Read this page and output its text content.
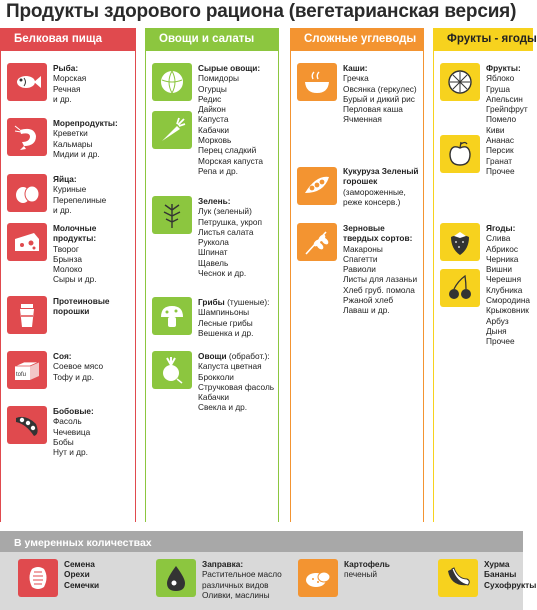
Продукты здорового рациона (вегетарианская версия)
Белковая пища
Рыба:
Морская
Речная
и др.
Морепродукты:
Креветки
Кальмары
Мидии и др.
Яйца:
Куриные
Перепелиные
и др.
Молочные продукты:
Творог
Брынза
Молоко
Сыры и др.
Протеиновые порошки
tofu
Соя:
Соевое мясо
Тофу и др.
Бобовые:
Фасоль
Чечевица
Бобы
Нут и др.
Овощи и салаты
Сырые овощи:
Помидоры
Огурцы
Редис
Дайкон
Капуста
Кабачки
Морковь
Перец сладкий
Морская капуста
Репа и др.
Зелень:
Лук (зеленый)
Петрушка, укроп
Листья салата
Руккола
Шпинат
Щавель
Чеснок и др.
Грибы (тушеные):
Шампиньоны
Лесные грибы
Вешенка и др.
Овощи (обработ.):
Капуста цветная
Брокколи
Стручковая фасоль
Кабачки
Свекла и др.
Сложные углеводы
Каши:
Гречка
Овсянка (геркулес)
Бурый и дикий рис
Перловая каша
Ячменная
Кукуруза Зеленый горошек
(замороженные,
реже консерв.)
Зерновые твердых сортов:
Макароны
Спагетти
Равиоли
Листы для лазаньи
Хлеб груб. помола
Ржаной хлеб
Лаваш и др.
Фрукты - ягоды
Фрукты:
Яблоко
Груша
Апельсин
Грейпфрут
Помело
Киви
Ананас
Персик
Гранат
Прочее
Ягоды:
Слива
Абрикос
Черника
Вишни
Черешня
Клубника
Смородина
Крыжовник
Арбуз
Дыня
Прочее
В умеренных количествах
Семена
Орехи
Семечки
Заправка:
Растительное масло
различных видов
Оливки, маслины
Картофель
печеный
Хурма
Бананы
Сухофрукты
